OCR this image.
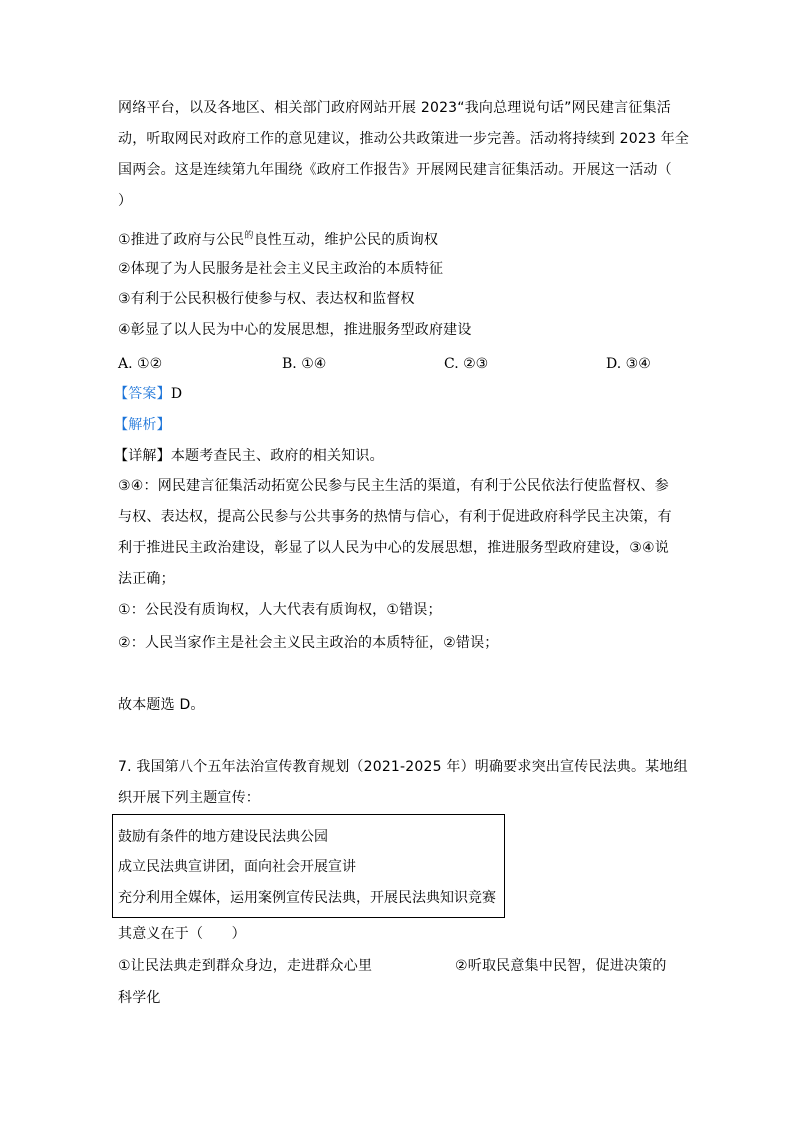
网络平台，以及各地区、相关部门政府网站开展 2023“我向总理说句话”网民建言征集活
动，听取网民对政府工作的意见建议，推动公共政策进一步完善。活动将持续到 2023 年全
国两会。这是连续第九年围绕《政府工作报告》开展网民建言征集活动。开展这一活动（
）
①推进了政府与公民$^的$良性互动，维护公民的质询权
②体现了为人民服务是社会主义民主政治的本质特征
③有利于公民积极行使参与权、表达权和监督权
④彰显了以人民为中心的发展思想，推进服务型政府建设
A. ①②	B. ①④	C. ②③	D. ③④
【答案】D
【解析】
【详解】本题考查民主、政府的相关知识。
③④：网民建言征集活动拓宽公民参与民主生活的渠道，有利于公民依法行使监督权、参
与权、表达权，提高公民参与公共事务的热情与信心，有利于促进政府科学民主决策，有
利于推进民主政治建设，彰显了以人民为中心的发展思想，推进服务型政府建设，③④说
法正确；
①：公民没有质询权，人大代表有质询权，①错误；
②：人民当家作主是社会主义民主政治的本质特征，②错误；
故本题选 D。
7. 我国第八个五年法治宣传教育规划（2021-2025 年）明确要求突出宣传民法典。某地组
织开展下列主题宣传：
鼓励有条件的地方建设民法典公园
成立民法典宣讲团，面向社会开展宣讲
充分利用全媒体，运用案例宣传民法典，开展民法典知识竞赛
其意义在于（　　）
①让民法典走到群众身边，走进群众心里	②听取民意集中民智，促进决策的
科学化
